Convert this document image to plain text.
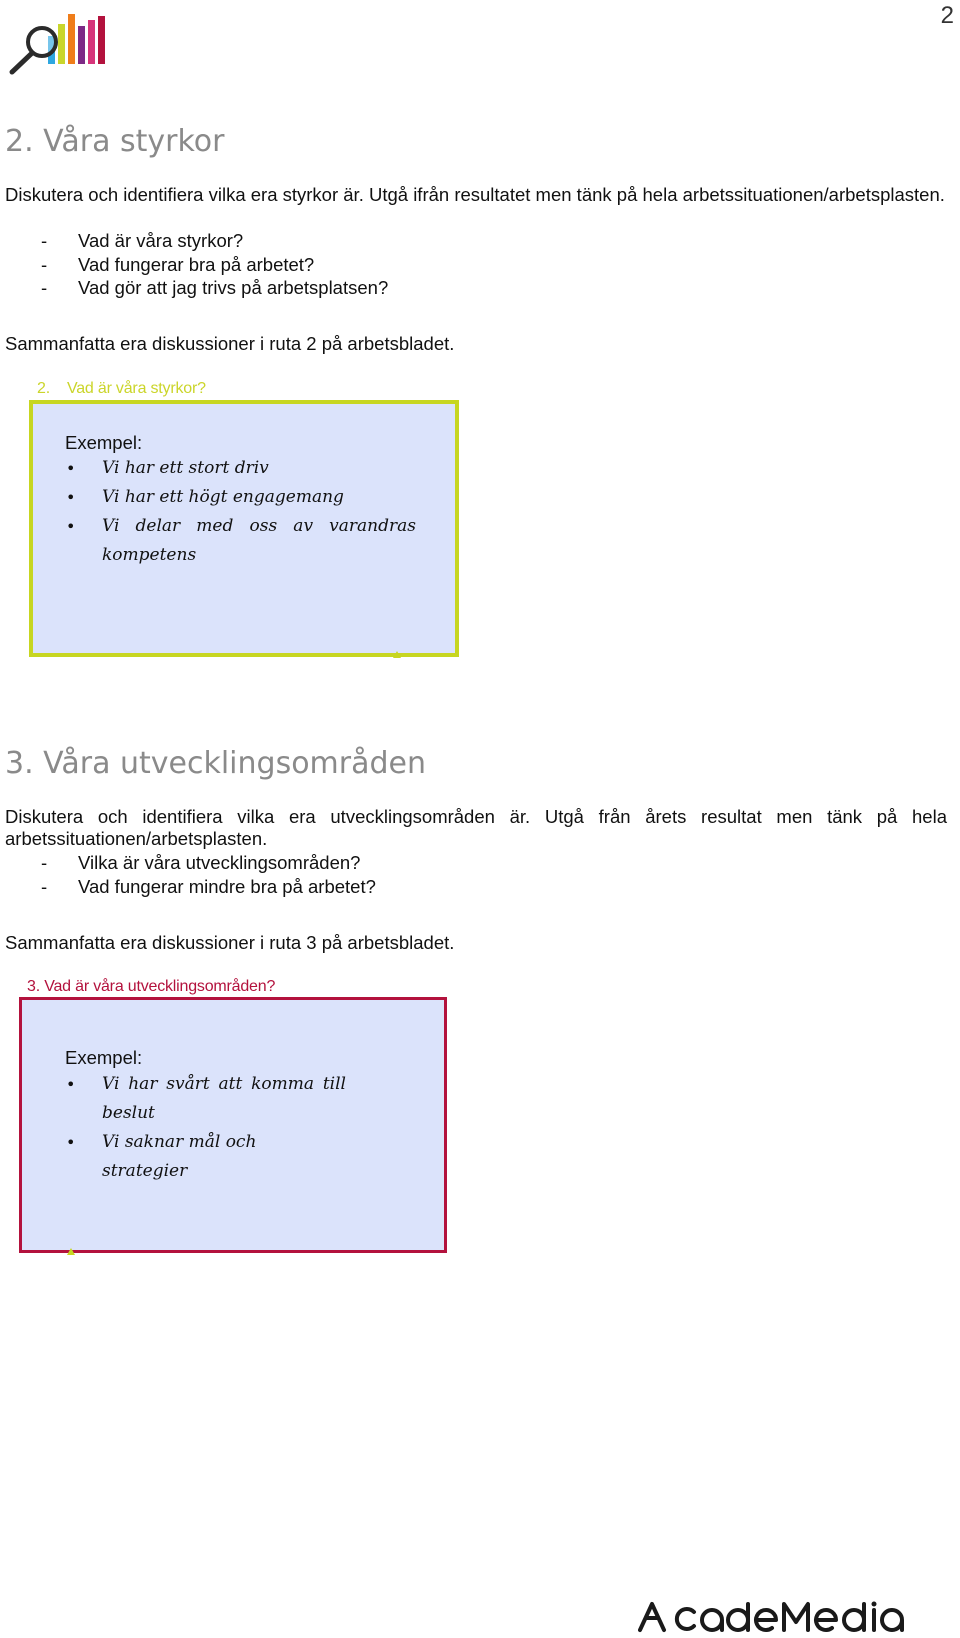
2
2. Våra styrkor

Diskutera och identifiera vilka era styrkor är. Utgå ifrån resultatet men tänk på hela arbetssituationen/arbetsplasten.

-	Vad är våra styrkor?
-	Vad fungerar bra på arbetet?
-	Vad gör att jag trivs på arbetsplatsen?

Sammanfatta era diskussioner i ruta 2 på arbetsbladet.

2. Vad är våra styrkor?
Exempel:
• Vi har ett stort driv
• Vi har ett högt engagemang
• Vi delar med oss av varandras kompetens
3. Våra utvecklingsområden

Diskutera och identifiera vilka era utvecklingsområden är. Utgå från årets resultat men tänk på hela arbetssituationen/arbetsplasten.

-	Vilka är våra utvecklingsområden?
-	Vad fungerar mindre bra på arbetet?

Sammanfatta era diskussioner i ruta 3 på arbetsbladet.

3. Vad är våra utvecklingsområden?
Exempel:
• Vi har svårt att komma till beslut
• Vi saknar mål och strategier
